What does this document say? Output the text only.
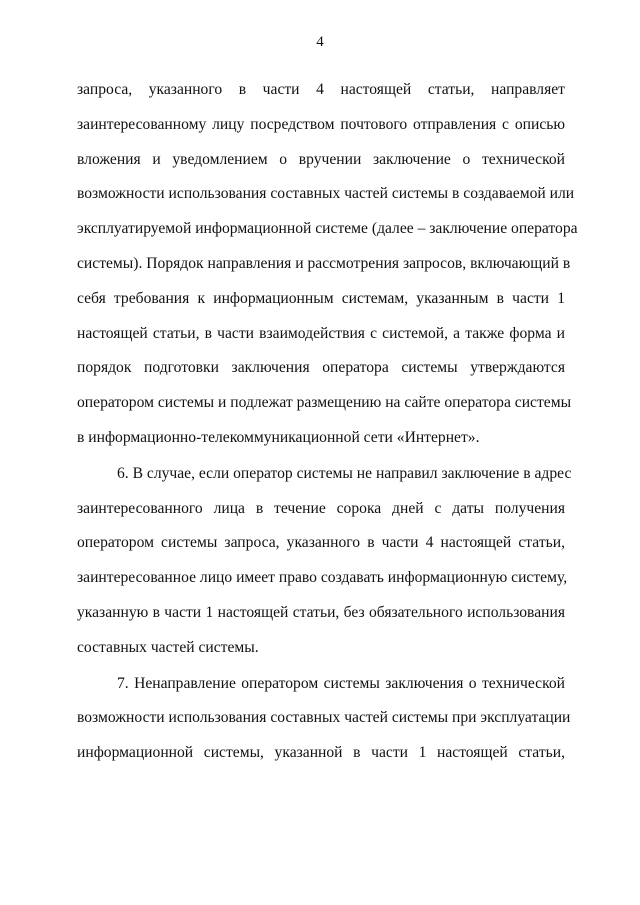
4
запроса, указанного в части 4 настоящей статьи, направляет
заинтересованному лицу посредством почтового отправления с описью
вложения и уведомлением о вручении заключение о технической
возможности использования составных частей системы в создаваемой или
эксплуатируемой информационной системе (далее – заключение оператора
системы). Порядок направления и рассмотрения запросов, включающий в
себя требования к информационным системам, указанным в части 1
настоящей статьи, в части взаимодействия с системой, а также форма и
порядок подготовки заключения оператора системы утверждаются
оператором системы и подлежат размещению на сайте оператора системы
в информационно-телекоммуникационной сети «Интернет».
6. В случае, если оператор системы не направил заключение в адрес
заинтересованного лица в течение сорока дней с даты получения
оператором системы запроса, указанного в части 4 настоящей статьи,
заинтересованное лицо имеет право создавать информационную систему,
указанную в части 1 настоящей статьи, без обязательного использования
составных частей системы.
7. Ненаправление оператором системы заключения о технической
возможности использования составных частей системы при эксплуатации
информационной системы, указанной в части 1 настоящей статьи,
